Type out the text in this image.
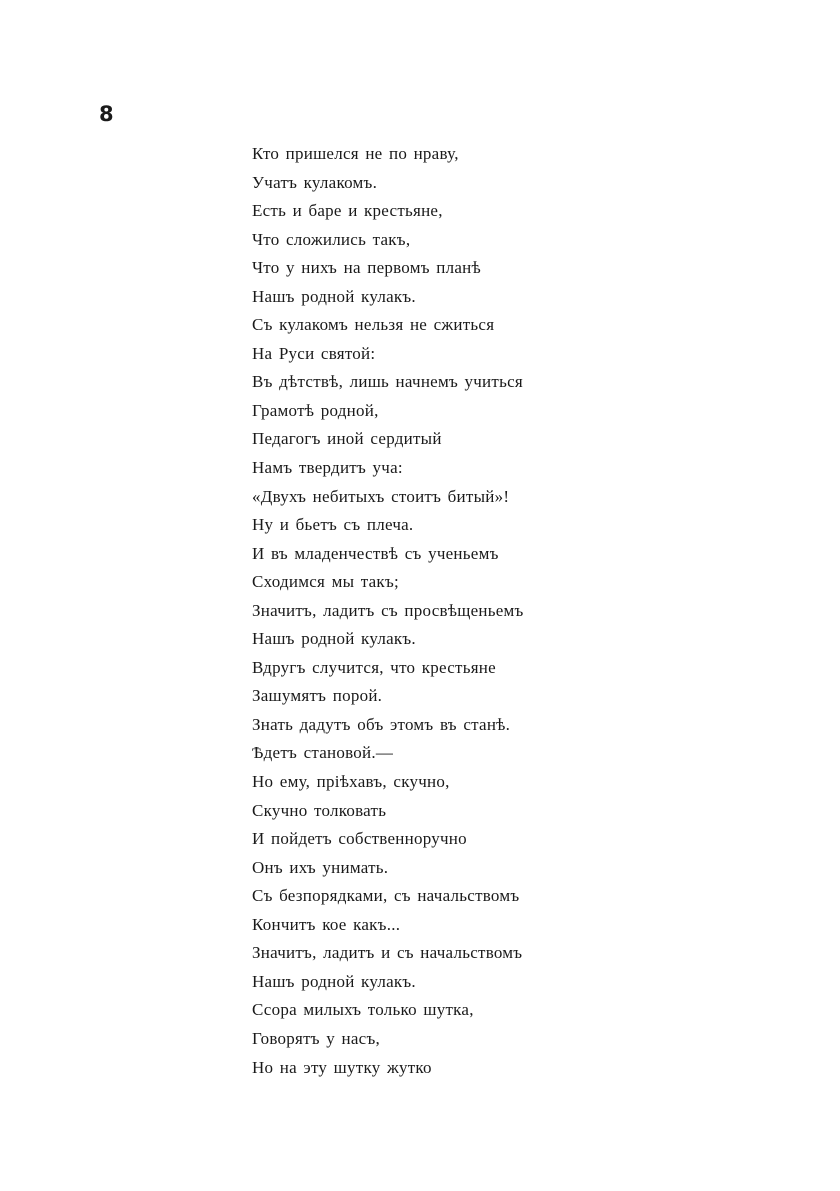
8
Кто пришелся не по нраву,
Учатъ кулакомъ.
Есть и баре и крестьяне,
Что сложились такъ,
Что у нихъ на первомъ планѣ
Нашъ родной кулакъ.
Съ кулакомъ нельзя не сжиться
На Руси святой:
Въ дѣтствѣ, лишь начнемъ учиться
Грамотѣ родной,
Педагогъ иной сердитый
Намъ твердитъ уча:
«Двухъ небитыхъ стоитъ битый»!
Ну и бьетъ съ плеча.
И въ младенчествѣ съ ученьемъ
Сходимся мы такъ;
Значитъ, ладитъ съ просвѣщеньемъ
Нашъ родной кулакъ.
Вдругъ случится, что крестьяне
Зашумятъ порой.
Знать дадутъ объ этомъ въ станѣ.
Ѣдетъ становой.—
Но ему, пріѣхавъ, скучно,
Скучно толковать
И пойдетъ собственноручно
Онъ ихъ унимать.
Съ безпорядками, съ начальствомъ
Кончитъ кое какъ...
Значитъ, ладитъ и съ начальствомъ
Нашъ родной кулакъ.
Ссора милыхъ только шутка,
Говорятъ у насъ,
Но на эту шутку жутко
